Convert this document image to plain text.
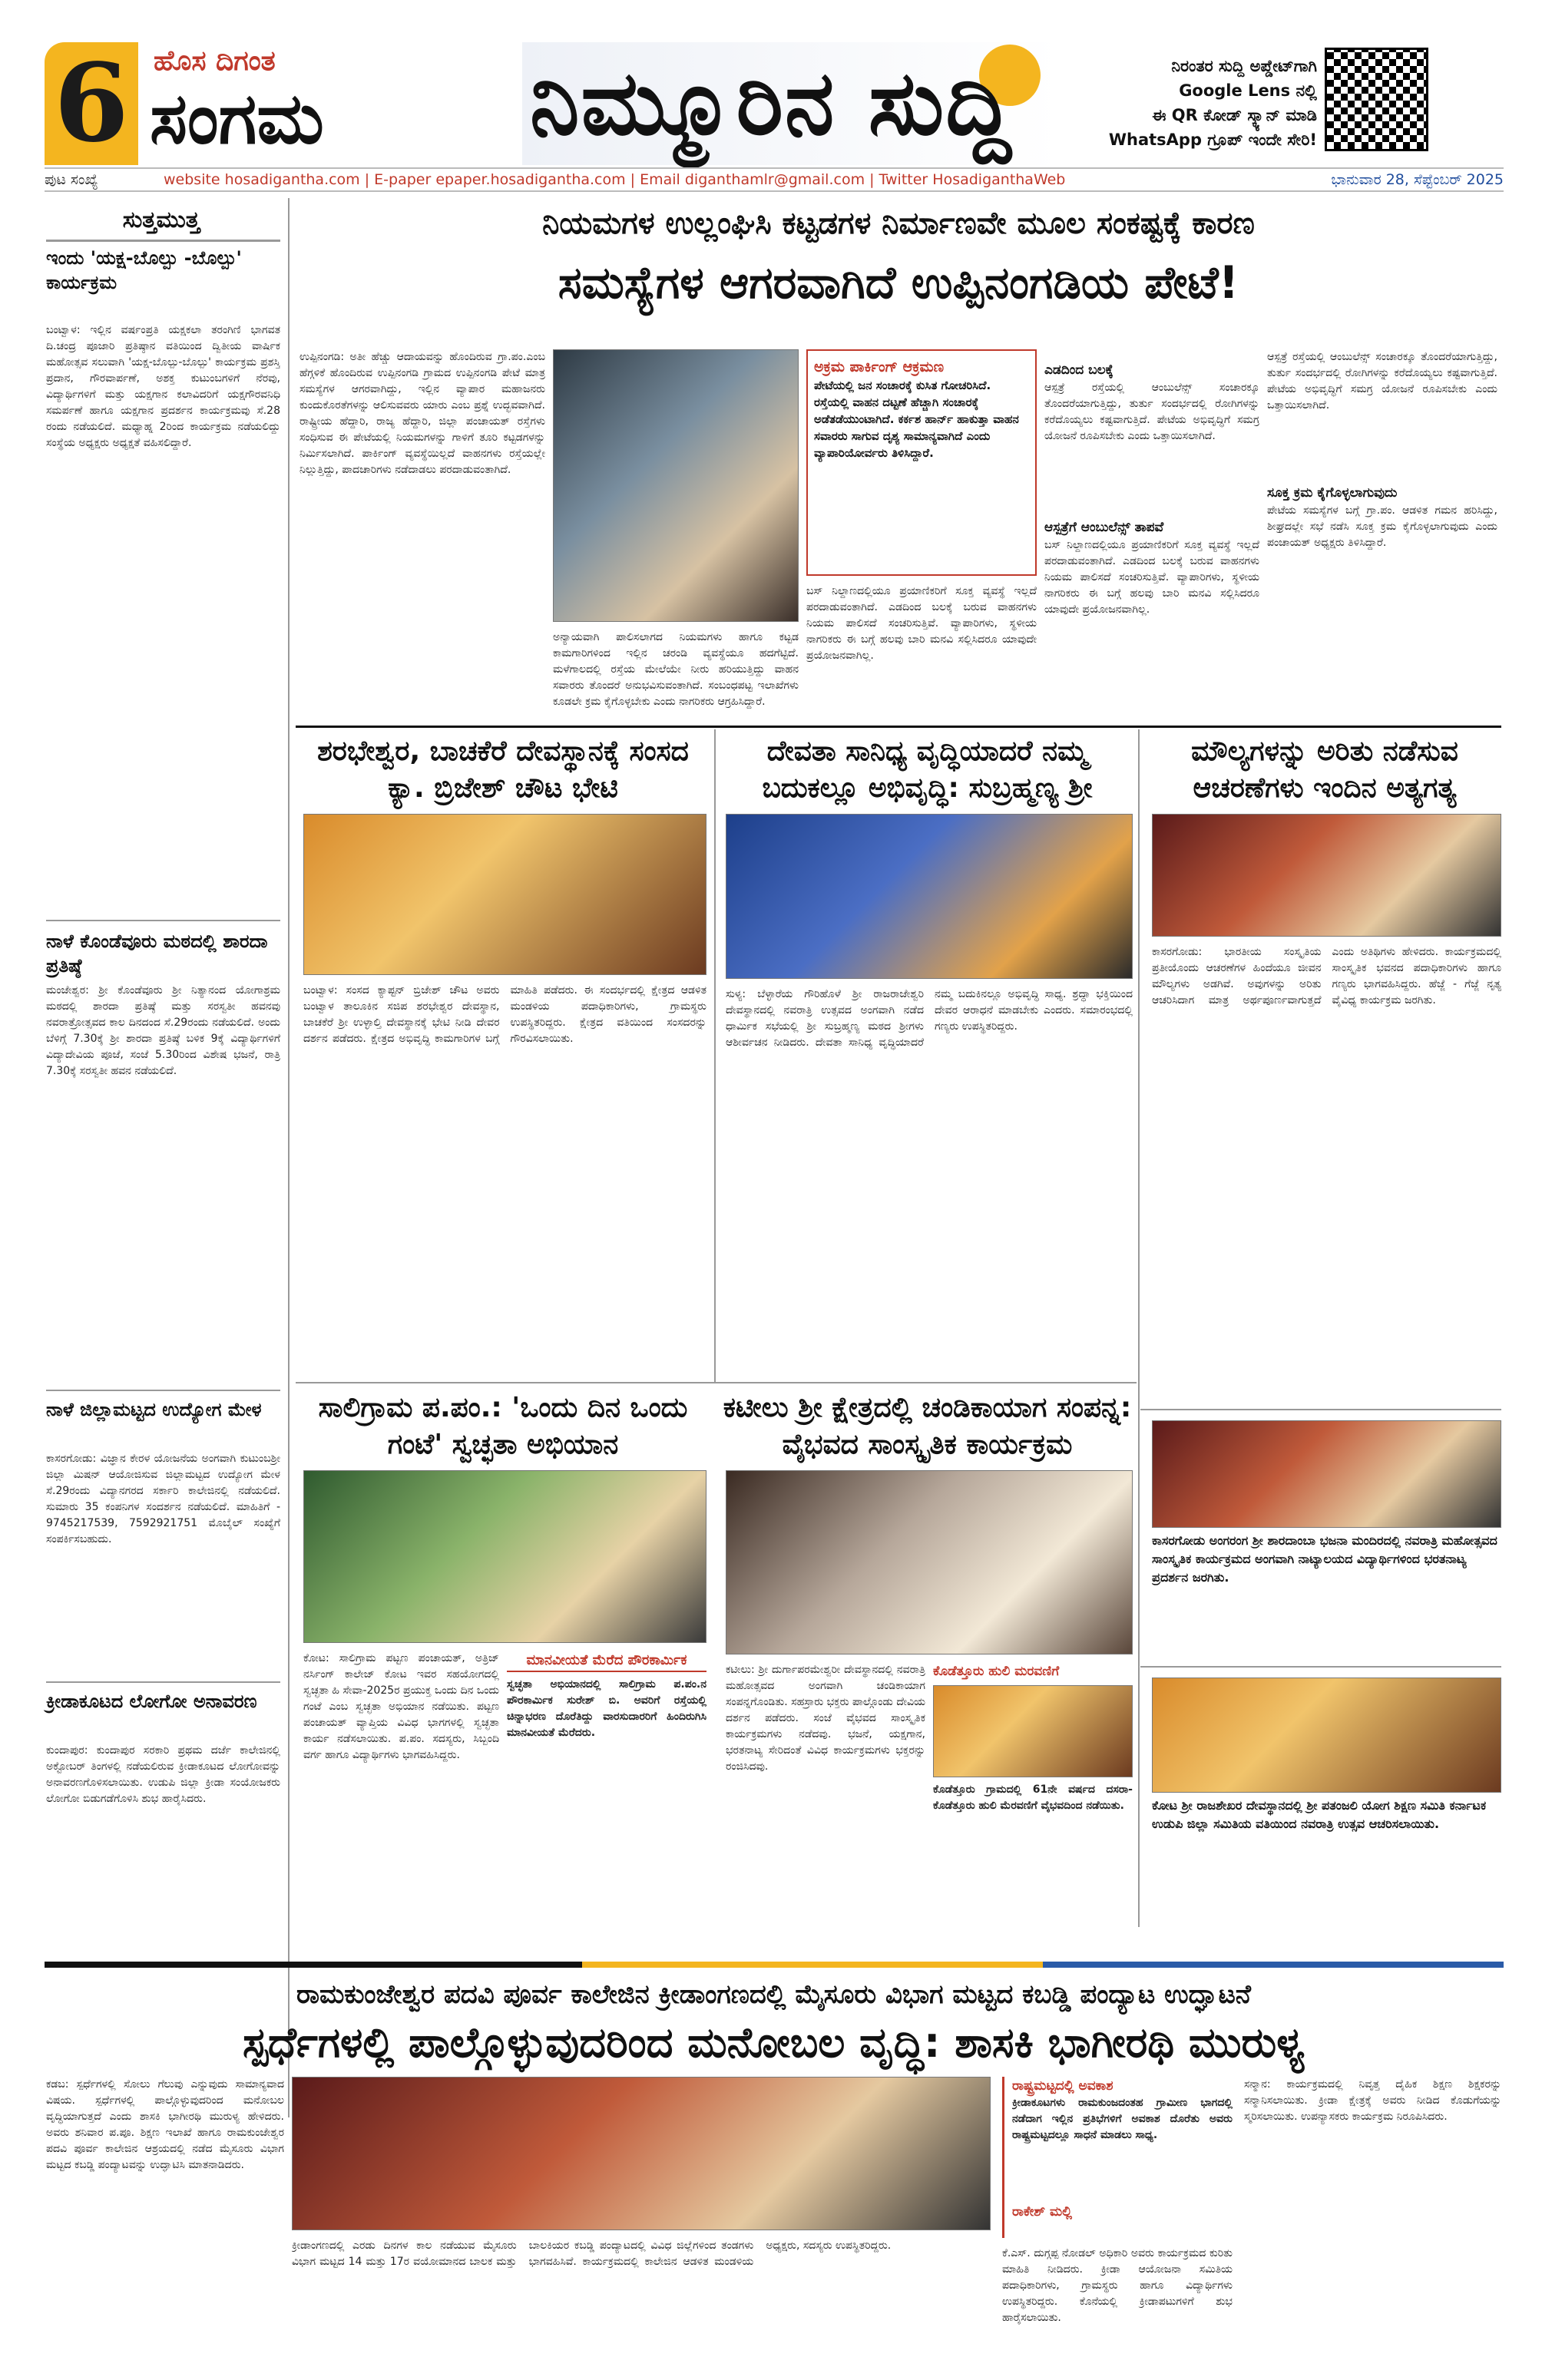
6 ಹೊಸ ದಿಗಂತ
ಸಂಗಮ	ನಿಮ್ಮೂರಿನ ಸುದ್ದಿ	ನಿರಂತರ ಸುದ್ದಿ ಅಪ್ಡೇಟ್‌ಗಾಗಿ
Google Lens ನಲ್ಲಿ
ಈ QR ಕೋಡ್ ಸ್ಕ್ಯಾನ್ ಮಾಡಿ
WhatsApp ಗ್ರೂಪ್ ಇಂದೇ ಸೇರಿ!
ಪುಟ ಸಂಖ್ಯೆ	website hosadigantha.com | E-paper epaper.hosadigantha.com | Email diganthamlr@gmail.com | Twitter HosadiganthaWeb	ಭಾನುವಾರ 28, ಸೆಪ್ಟೆಂಬರ್ 2025
ಸುತ್ತಮುತ್ತ
ಇಂದು 'ಯಕ್ಷ-ಬೊಲ್ಪು -ಬೊಲ್ಪು' ಕಾರ್ಯಕ್ರಮ
ಬಂಟ್ವಾಳ: ಇಲ್ಲಿನ ವರ್ಷಂಪ್ರತಿ ಯಕ್ಷಕಲಾ ತರಂಗಿಣಿ ಭಾಗವತ ದಿ.ಚಂದ್ರ ಪೂಜಾರಿ ಪ್ರತಿಷ್ಠಾನ ವತಿಯಿಂದ ದ್ವಿತೀಯ ವಾರ್ಷಿಕ ಮಹೋತ್ಸವ ಸಲುವಾಗಿ 'ಯಕ್ಷ-ಬೊಲ್ಪು-ಬೊಲ್ಪು' ಕಾರ್ಯಕ್ರಮ ಪ್ರಶಸ್ತಿ ಪ್ರದಾನ, ಗೌರವಾರ್ಪಣೆ, ಅಶಕ್ತ ಕುಟುಂಬಗಳಿಗೆ ನೆರವು, ವಿದ್ಯಾರ್ಥಿಗಳಿಗೆ ಮತ್ತು ಯಕ್ಷಗಾನ ಕಲಾವಿದರಿಗೆ ಯಕ್ಷಗೌರವನಿಧಿ ಸಮರ್ಪಣೆ ಹಾಗೂ ಯಕ್ಷಗಾನ ಪ್ರದರ್ಶನ ಕಾರ್ಯಕ್ರಮವು ಸೆ.28 ರಂದು ನಡೆಯಲಿದೆ. ಮಧ್ಯಾಹ್ನ 2ರಿಂದ ಕಾರ್ಯಕ್ರಮ ನಡೆಯಲಿದ್ದು ಸಂಸ್ಥೆಯ ಅಧ್ಯಕ್ಷರು ಅಧ್ಯಕ್ಷತೆ ವಹಿಸಲಿದ್ದಾರೆ.
ನಾಳೆ ಕೊಂಡೆವೂರು ಮಠದಲ್ಲಿ ಶಾರದಾ ಪ್ರತಿಷ್ಠೆ
ಮಂಜೇಶ್ವರ: ಶ್ರೀ ಕೊಂಡೆವೂರು ಶ್ರೀ ನಿತ್ಯಾನಂದ ಯೋಗಾಶ್ರಮ ಮಠದಲ್ಲಿ ಶಾರದಾ ಪ್ರತಿಷ್ಠೆ ಮತ್ತು ಸರಸ್ವತೀ ಹವನವು ನವರಾತ್ರೋತ್ಸವದ ಕಾಲ ದಿನದಂದ ಸೆ.29ರಂದು ನಡೆಯಲಿದೆ. ಅಂದು ಬೆಳಿಗ್ಗೆ 7.30ಕ್ಕೆ ಶ್ರೀ ಶಾರದಾ ಪ್ರತಿಷ್ಠೆ ಬಳಿಕ 9ಕ್ಕೆ ವಿದ್ಯಾರ್ಥಿಗಳಿಗೆ ವಿದ್ಯಾದೇವಿಯ ಪೂಜೆ, ಸಂಜೆ 5.30ರಿಂದ ವಿಶೇಷ ಭಜನೆ, ರಾತ್ರಿ 7.30ಕ್ಕೆ ಸರಸ್ವತೀ ಹವನ ನಡೆಯಲಿದೆ.
ನಾಳೆ ಜಿಲ್ಲಾಮಟ್ಟದ ಉದ್ಯೋಗ ಮೇಳ
ಕಾಸರಗೋಡು: ವಿಜ್ಞಾನ ಕೇರಳ ಯೋಜನೆಯ ಅಂಗವಾಗಿ ಕುಟುಂಬಶ್ರೀ ಜಿಲ್ಲಾ ಮಿಷನ್ ಆಯೋಜಿಸುವ ಜಿಲ್ಲಾಮಟ್ಟದ ಉದ್ಯೋಗ ಮೇಳ ಸೆ.29ರಂದು ವಿದ್ಯಾನಗರದ ಸರ್ಕಾರಿ ಕಾಲೇಜಿನಲ್ಲಿ ನಡೆಯಲಿದೆ. ಸುಮಾರು 35 ಕಂಪನಿಗಳ ಸಂದರ್ಶನ ನಡೆಯಲಿದೆ. ಮಾಹಿತಿಗೆ - 9745217539, 7592921751 ಮೊಬೈಲ್ ಸಂಖ್ಯೆಗೆ ಸಂಪರ್ಕಿಸಬಹುದು.
ಕ್ರೀಡಾಕೂಟದ ಲೋಗೋ ಅನಾವರಣ
ಕುಂದಾಪುರ: ಕುಂದಾಪುರ ಸರಕಾರಿ ಪ್ರಥಮ ದರ್ಜೆ ಕಾಲೇಜಿನಲ್ಲಿ ಅಕ್ಟೋಬರ್ ತಿಂಗಳಲ್ಲಿ ನಡೆಯಲಿರುವ ಕ್ರೀಡಾಕೂಟದ ಲೋಗೋವನ್ನು ಅನಾವರಣಗೊಳಿಸಲಾಯಿತು. ಉಡುಪಿ ಜಿಲ್ಲಾ ಕ್ರೀಡಾ ಸಂಯೋಜಕರು ಲೋಗೋ ಬಿಡುಗಡೆಗೊಳಿಸಿ ಶುಭ ಹಾರೈಸಿದರು.
ನಿಯಮಗಳ ಉಲ್ಲಂಘಿಸಿ ಕಟ್ಟಡಗಳ ನಿರ್ಮಾಣವೇ ಮೂಲ ಸಂಕಷ್ಟಕ್ಕೆ ಕಾರಣ
ಸಮಸ್ಯೆಗಳ ಆಗರವಾಗಿದೆ ಉಪ್ಪಿನಂಗಡಿಯ ಪೇಟೆ!
ಉಪ್ಪಿನಂಗಡಿ: ಅತೀ ಹೆಚ್ಚು ಆದಾಯವನ್ನು ಹೊಂದಿರುವ ಗ್ರಾ.ಪಂ.ಎಂಬ ಹೆಗ್ಗಳಿಕೆ ಹೊಂದಿರುವ ಉಪ್ಪಿನಂಗಡಿ ಗ್ರಾಮದ ಉಪ್ಪಿನಂಗಡಿ ಪೇಟೆ ಮಾತ್ರ ಸಮಸ್ಯೆಗಳ ಆಗರವಾಗಿದ್ದು, ಇಲ್ಲಿನ ವ್ಯಾಪಾರ ಮಹಾಜನರು ಕುಂದುಕೊರತೆಗಳನ್ನು ಆಲಿಸುವವರು ಯಾರು ಎಂಬ ಪ್ರಶ್ನೆ ಉದ್ಭವವಾಗಿದೆ. ರಾಷ್ಟ್ರೀಯ ಹೆದ್ದಾರಿ, ರಾಜ್ಯ ಹೆದ್ದಾರಿ, ಜಿಲ್ಲಾ ಪಂಚಾಯತ್ ರಸ್ತೆಗಳು ಸಂಧಿಸುವ ಈ ಪೇಟೆಯಲ್ಲಿ ನಿಯಮಗಳನ್ನು ಗಾಳಿಗೆ ತೂರಿ ಕಟ್ಟಡಗಳನ್ನು ನಿರ್ಮಿಸಲಾಗಿದೆ. ಪಾರ್ಕಿಂಗ್ ವ್ಯವಸ್ಥೆಯಿಲ್ಲದೆ ವಾಹನಗಳು ರಸ್ತೆಯಲ್ಲೇ ನಿಲ್ಲುತ್ತಿದ್ದು, ಪಾದಚಾರಿಗಳು ನಡೆದಾಡಲು ಪರದಾಡುವಂತಾಗಿದೆ.
ಅನ್ಯಾಯವಾಗಿ ಪಾಲಿಸಲಾಗದ ನಿಯಮಗಳು ಹಾಗೂ ಕಟ್ಟಡ ಕಾಮಗಾರಿಗಳಿಂದ ಇಲ್ಲಿನ ಚರಂಡಿ ವ್ಯವಸ್ಥೆಯೂ ಹದಗೆಟ್ಟಿದೆ. ಮಳೆಗಾಲದಲ್ಲಿ ರಸ್ತೆಯ ಮೇಲೆಯೇ ನೀರು ಹರಿಯುತ್ತಿದ್ದು ವಾಹನ ಸವಾರರು ತೊಂದರೆ ಅನುಭವಿಸುವಂತಾಗಿದೆ. ಸಂಬಂಧಪಟ್ಟ ಇಲಾಖೆಗಳು ಕೂಡಲೇ ಕ್ರಮ ಕೈಗೊಳ್ಳಬೇಕು ಎಂದು ನಾಗರಿಕರು ಆಗ್ರಹಿಸಿದ್ದಾರೆ.
ಅಕ್ರಮ ಪಾರ್ಕಿಂಗ್ ಆಕ್ರಮಣ
ಪೇಟೆಯಲ್ಲಿ ಜನ ಸಂಚಾರಕ್ಕೆ ಕುಸಿತ ಗೋಚರಿಸಿದೆ. ರಸ್ತೆಯಲ್ಲಿ ವಾಹನ ದಟ್ಟಣೆ ಹೆಚ್ಚಾಗಿ ಸಂಚಾರಕ್ಕೆ ಅಡೆತಡೆಯುಂಟಾಗಿದೆ. ಕರ್ಕಶ ಹಾರ್ನ್ ಹಾಕುತ್ತಾ ವಾಹನ ಸವಾರರು ಸಾಗುವ ದೃಶ್ಯ ಸಾಮಾನ್ಯವಾಗಿದೆ ಎಂದು ವ್ಯಾಪಾರಿಯೋರ್ವರು ತಿಳಿಸಿದ್ದಾರೆ.
ಬಸ್ ನಿಲ್ದಾಣದಲ್ಲಿಯೂ ಪ್ರಯಾಣಿಕರಿಗೆ ಸೂಕ್ತ ವ್ಯವಸ್ಥೆ ಇಲ್ಲದೆ ಪರದಾಡುವಂತಾಗಿದೆ. ಎಡದಿಂದ ಬಲಕ್ಕೆ ಬರುವ ವಾಹನಗಳು ನಿಯಮ ಪಾಲಿಸದೆ ಸಂಚರಿಸುತ್ತಿವೆ. ವ್ಯಾಪಾರಿಗಳು, ಸ್ಥಳೀಯ ನಾಗರಿಕರು ಈ ಬಗ್ಗೆ ಹಲವು ಬಾರಿ ಮನವಿ ಸಲ್ಲಿಸಿದರೂ ಯಾವುದೇ ಪ್ರಯೋಜನವಾಗಿಲ್ಲ.
ಎಡದಿಂದ ಬಲಕ್ಕೆ
ಆಸ್ಪತ್ರೆ ರಸ್ತೆಯಲ್ಲಿ ಆಂಬುಲೆನ್ಸ್ ಸಂಚಾರಕ್ಕೂ ತೊಂದರೆಯಾಗುತ್ತಿದ್ದು, ತುರ್ತು ಸಂದರ್ಭದಲ್ಲಿ ರೋಗಿಗಳನ್ನು ಕರೆದೊಯ್ಯಲು ಕಷ್ಟವಾಗುತ್ತಿದೆ. ಪೇಟೆಯ ಅಭಿವೃದ್ಧಿಗೆ ಸಮಗ್ರ ಯೋಜನೆ ರೂಪಿಸಬೇಕು ಎಂದು ಒತ್ತಾಯಿಸಲಾಗಿದೆ.
ಆಸ್ಪತ್ರೆಗೆ ಆಂಬುಲೆನ್ಸ್ ತಾಪವೆ
ಬಸ್ ನಿಲ್ದಾಣದಲ್ಲಿಯೂ ಪ್ರಯಾಣಿಕರಿಗೆ ಸೂಕ್ತ ವ್ಯವಸ್ಥೆ ಇಲ್ಲದೆ ಪರದಾಡುವಂತಾಗಿದೆ. ಎಡದಿಂದ ಬಲಕ್ಕೆ ಬರುವ ವಾಹನಗಳು ನಿಯಮ ಪಾಲಿಸದೆ ಸಂಚರಿಸುತ್ತಿವೆ. ವ್ಯಾಪಾರಿಗಳು, ಸ್ಥಳೀಯ ನಾಗರಿಕರು ಈ ಬಗ್ಗೆ ಹಲವು ಬಾರಿ ಮನವಿ ಸಲ್ಲಿಸಿದರೂ ಯಾವುದೇ ಪ್ರಯೋಜನವಾಗಿಲ್ಲ.
ಸೂಕ್ತ ಕ್ರಮ ಕೈಗೊಳ್ಳಲಾಗುವುದು
ಆಸ್ಪತ್ರೆ ರಸ್ತೆಯಲ್ಲಿ ಆಂಬುಲೆನ್ಸ್ ಸಂಚಾರಕ್ಕೂ ತೊಂದರೆಯಾಗುತ್ತಿದ್ದು, ತುರ್ತು ಸಂದರ್ಭದಲ್ಲಿ ರೋಗಿಗಳನ್ನು ಕರೆದೊಯ್ಯಲು ಕಷ್ಟವಾಗುತ್ತಿದೆ. ಪೇಟೆಯ ಅಭಿವೃದ್ಧಿಗೆ ಸಮಗ್ರ ಯೋಜನೆ ರೂಪಿಸಬೇಕು ಎಂದು ಒತ್ತಾಯಿಸಲಾಗಿದೆ.
ಪೇಟೆಯ ಸಮಸ್ಯೆಗಳ ಬಗ್ಗೆ ಗ್ರಾ.ಪಂ. ಆಡಳಿತ ಗಮನ ಹರಿಸಿದ್ದು, ಶೀಘ್ರದಲ್ಲೇ ಸಭೆ ನಡೆಸಿ ಸೂಕ್ತ ಕ್ರಮ ಕೈಗೊಳ್ಳಲಾಗುವುದು ಎಂದು ಪಂಚಾಯತ್ ಅಧ್ಯಕ್ಷರು ತಿಳಿಸಿದ್ದಾರೆ.
ಶರಭೇಶ್ವರ, ಬಾಚಕೆರೆ ದೇವಸ್ಥಾನಕ್ಕೆ ಸಂಸದ ಕ್ಯಾ. ಬ್ರಿಜೇಶ್ ಚೌಟ ಭೇಟಿ
ಬಂಟ್ವಾಳ: ಸಂಸದ ಕ್ಯಾಪ್ಟನ್ ಬ್ರಿಜೇಶ್ ಚೌಟ ಅವರು ಬಂಟ್ವಾಳ ತಾಲೂಕಿನ ಸಜಿಪ ಶರಭೇಶ್ವರ ದೇವಸ್ಥಾನ, ಬಾಚಕೆರೆ ಶ್ರೀ ಉಳ್ಳಾಲ್ತಿ ದೇವಸ್ಥಾನಕ್ಕೆ ಭೇಟಿ ನೀಡಿ ದೇವರ ದರ್ಶನ ಪಡೆದರು. ಕ್ಷೇತ್ರದ ಅಭಿವೃದ್ಧಿ ಕಾಮಗಾರಿಗಳ ಬಗ್ಗೆ ಮಾಹಿತಿ ಪಡೆದರು. ಈ ಸಂದರ್ಭದಲ್ಲಿ ಕ್ಷೇತ್ರದ ಆಡಳಿತ ಮಂಡಳಿಯ ಪದಾಧಿಕಾರಿಗಳು, ಗ್ರಾಮಸ್ಥರು ಉಪಸ್ಥಿತರಿದ್ದರು. ಕ್ಷೇತ್ರದ ವತಿಯಿಂದ ಸಂಸದರನ್ನು ಗೌರವಿಸಲಾಯಿತು.
ದೇವತಾ ಸಾನಿಧ್ಯ ವೃದ್ಧಿಯಾದರೆ ನಮ್ಮ ಬದುಕಲ್ಲೂ ಅಭಿವೃದ್ಧಿ: ಸುಬ್ರಹ್ಮಣ್ಯ ಶ್ರೀ
ಸುಳ್ಯ: ಬೆಳ್ಳಾರೆಯ ಗೌರಿಹೊಳೆ ಶ್ರೀ ರಾಜರಾಜೇಶ್ವರಿ ದೇವಸ್ಥಾನದಲ್ಲಿ ನವರಾತ್ರಿ ಉತ್ಸವದ ಅಂಗವಾಗಿ ನಡೆದ ಧಾರ್ಮಿಕ ಸಭೆಯಲ್ಲಿ ಶ್ರೀ ಸುಬ್ರಹ್ಮಣ್ಯ ಮಠದ ಶ್ರೀಗಳು ಆಶೀರ್ವಚನ ನೀಡಿದರು. ದೇವತಾ ಸಾನಿಧ್ಯ ವೃದ್ಧಿಯಾದರೆ ನಮ್ಮ ಬದುಕಿನಲ್ಲೂ ಅಭಿವೃದ್ಧಿ ಸಾಧ್ಯ. ಶ್ರದ್ಧಾ ಭಕ್ತಿಯಿಂದ ದೇವರ ಆರಾಧನೆ ಮಾಡಬೇಕು ಎಂದರು. ಸಮಾರಂಭದಲ್ಲಿ ಗಣ್ಯರು ಉಪಸ್ಥಿತರಿದ್ದರು.
ಮೌಲ್ಯಗಳನ್ನು ಅರಿತು ನಡೆಸುವ ಆಚರಣೆಗಳು ಇಂದಿನ ಅತ್ಯಗತ್ಯ
ಕಾಸರಗೋಡು: ಭಾರತೀಯ ಸಂಸ್ಕೃತಿಯ ಪ್ರತೀಯೊಂದು ಆಚರಣೆಗಳ ಹಿಂದೆಯೂ ಜೀವನ ಮೌಲ್ಯಗಳು ಅಡಗಿವೆ. ಅವುಗಳನ್ನು ಅರಿತು ಆಚರಿಸಿದಾಗ ಮಾತ್ರ ಅರ್ಥಪೂರ್ಣವಾಗುತ್ತದೆ ಎಂದು ಅತಿಥಿಗಳು ಹೇಳಿದರು. ಕಾರ್ಯಕ್ರಮದಲ್ಲಿ ಸಾಂಸ್ಕೃತಿಕ ಭವನದ ಪದಾಧಿಕಾರಿಗಳು ಹಾಗೂ ಗಣ್ಯರು ಭಾಗವಹಿಸಿದ್ದರು. ಹೆಜ್ಜೆ - ಗೆಜ್ಜೆ ನೃತ್ಯ ವೈವಿಧ್ಯ ಕಾರ್ಯಕ್ರಮ ಜರಗಿತು.
ಸಾಲಿಗ್ರಾಮ ಪ.ಪಂ.: 'ಒಂದು ದಿನ ಒಂದು ಗಂಟೆ' ಸ್ವಚ್ಛತಾ ಅಭಿಯಾನ
ಕೋಟ: ಸಾಲಿಗ್ರಾಮ ಪಟ್ಟಣ ಪಂಚಾಯತ್, ಅತ್ರಿಜ್ ನರ್ಸಿಂಗ್ ಕಾಲೇಜ್ ಕೋಟ ಇವರ ಸಹಯೋಗದಲ್ಲಿ ಸ್ವಚ್ಛತಾ ಹಿ ಸೇವಾ-2025ರ ಪ್ರಯುಕ್ತ ಒಂದು ದಿನ ಒಂದು ಗಂಟೆ ಎಂಬ ಸ್ವಚ್ಛತಾ ಅಭಿಯಾನ ನಡೆಯಿತು. ಪಟ್ಟಣ ಪಂಚಾಯತ್ ವ್ಯಾಪ್ತಿಯ ವಿವಿಧ ಭಾಗಗಳಲ್ಲಿ ಸ್ವಚ್ಛತಾ ಕಾರ್ಯ ನಡೆಸಲಾಯಿತು. ಪ.ಪಂ. ಸದಸ್ಯರು, ಸಿಬ್ಬಂದಿ ವರ್ಗ ಹಾಗೂ ವಿದ್ಯಾರ್ಥಿಗಳು ಭಾಗವಹಿಸಿದ್ದರು.
ಮಾನವೀಯತೆ ಮೆರೆದ ಪೌರಕಾರ್ಮಿಕ
ಸ್ವಚ್ಛತಾ ಅಭಿಯಾನದಲ್ಲಿ ಸಾಲಿಗ್ರಾಮ ಪ.ಪಂ.ನ ಪೌರಕಾರ್ಮಿಕ ಸುರೇಶ್ ಬಿ. ಅವರಿಗೆ ರಸ್ತೆಯಲ್ಲಿ ಚಿನ್ನಾಭರಣ ದೊರೆತಿದ್ದು ವಾರಸುದಾರರಿಗೆ ಹಿಂದಿರುಗಿಸಿ ಮಾನವೀಯತೆ ಮೆರೆದರು.
ಕಟೀಲು ಶ್ರೀ ಕ್ಷೇತ್ರದಲ್ಲಿ ಚಂಡಿಕಾಯಾಗ ಸಂಪನ್ನ: ವೈಭವದ ಸಾಂಸ್ಕೃತಿಕ ಕಾರ್ಯಕ್ರಮ
ಕಟೀಲು: ಶ್ರೀ ದುರ್ಗಾಪರಮೇಶ್ವರೀ ದೇವಸ್ಥಾನದಲ್ಲಿ ನವರಾತ್ರಿ ಮಹೋತ್ಸವದ ಅಂಗವಾಗಿ ಚಂಡಿಕಾಯಾಗ ಸಂಪನ್ನಗೊಂಡಿತು. ಸಹಸ್ರಾರು ಭಕ್ತರು ಪಾಲ್ಗೊಂಡು ದೇವಿಯ ದರ್ಶನ ಪಡೆದರು. ಸಂಜೆ ವೈಭವದ ಸಾಂಸ್ಕೃತಿಕ ಕಾರ್ಯಕ್ರಮಗಳು ನಡೆದವು. ಭಜನೆ, ಯಕ್ಷಗಾನ, ಭರತನಾಟ್ಯ ಸೇರಿದಂತೆ ವಿವಿಧ ಕಾರ್ಯಕ್ರಮಗಳು ಭಕ್ತರನ್ನು ರಂಜಿಸಿದವು.
ಕೊಡೆತ್ತೂರು ಹುಲಿ ಮರವಣಿಗೆ
ಕೊಡೆತ್ತೂರು ಗ್ರಾಮದಲ್ಲಿ 61ನೇ ವರ್ಷದ ದಸರಾ-ಕೊಡೆತ್ತೂರು ಹುಲಿ ಮೆರವಣಿಗೆ ವೈಭವದಿಂದ ನಡೆಯಿತು.
ಕಾಸರಗೋಡು ಅಂಗರಂಗ ಶ್ರೀ ಶಾರದಾಂಬಾ ಭಜನಾ ಮಂದಿರದಲ್ಲಿ ನವರಾತ್ರಿ ಮಹೋತ್ಸವದ ಸಾಂಸ್ಕೃತಿಕ ಕಾರ್ಯಕ್ರಮದ ಅಂಗವಾಗಿ ನಾಟ್ಯಾಲಯದ ವಿದ್ಯಾರ್ಥಿಗಳಿಂದ ಭರತನಾಟ್ಯ ಪ್ರದರ್ಶನ ಜರಗಿತು.
ಕೋಟ ಶ್ರೀ ರಾಜಶೇಖರ ದೇವಸ್ಥಾನದಲ್ಲಿ ಶ್ರೀ ಪತಂಜಲಿ ಯೋಗ ಶಿಕ್ಷಣ ಸಮಿತಿ ಕರ್ನಾಟಕ ಉಡುಪಿ ಜಿಲ್ಲಾ ಸಮಿತಿಯ ವತಿಯಿಂದ ನವರಾತ್ರಿ ಉತ್ಸವ ಆಚರಿಸಲಾಯಿತು.
ರಾಮಕುಂಜೇಶ್ವರ ಪದವಿ ಪೂರ್ವ ಕಾಲೇಜಿನ ಕ್ರೀಡಾಂಗಣದಲ್ಲಿ ಮೈಸೂರು ವಿಭಾಗ ಮಟ್ಟದ ಕಬಡ್ಡಿ ಪಂದ್ಯಾಟ ಉದ್ಘಾಟನೆ
ಸ್ಪರ್ಧೆಗಳಲ್ಲಿ ಪಾಲ್ಗೊಳ್ಳುವುದರಿಂದ ಮನೋಬಲ ವೃದ್ಧಿ: ಶಾಸಕಿ ಭಾಗೀರಥಿ ಮುರುಳ್ಯ
ಕಡಬ: ಸ್ಪರ್ಧೆಗಳಲ್ಲಿ ಸೋಲು ಗೆಲುವು ಎನ್ನುವುದು ಸಾಮಾನ್ಯವಾದ ವಿಷಯ. ಸ್ಪರ್ಧೆಗಳಲ್ಲಿ ಪಾಲ್ಗೊಳ್ಳುವುದರಿಂದ ಮನೋಬಲ ವೃದ್ಧಿಯಾಗುತ್ತದೆ ಎಂದು ಶಾಸಕಿ ಭಾಗೀರಥಿ ಮುರುಳ್ಯ ಹೇಳಿದರು. ಅವರು ಶನಿವಾರ ಪ.ಪೂ. ಶಿಕ್ಷಣ ಇಲಾಖೆ ಹಾಗೂ ರಾಮಕುಂಜೇಶ್ವರ ಪದವಿ ಪೂರ್ವ ಕಾಲೇಜಿನ ಆಶ್ರಯದಲ್ಲಿ ನಡೆದ ಮೈಸೂರು ವಿಭಾಗ ಮಟ್ಟದ ಕಬಡ್ಡಿ ಪಂದ್ಯಾಟವನ್ನು ಉದ್ಘಾಟಿಸಿ ಮಾತನಾಡಿದರು.
ಕ್ರೀಡಾಂಗಣದಲ್ಲಿ ಎರಡು ದಿನಗಳ ಕಾಲ ನಡೆಯುವ ಮೈಸೂರು ವಿಭಾಗ ಮಟ್ಟದ 14 ಮತ್ತು 17ರ ವಯೋಮಾನದ ಬಾಲಕ ಮತ್ತು ಬಾಲಕಿಯರ ಕಬಡ್ಡಿ ಪಂದ್ಯಾಟದಲ್ಲಿ ವಿವಿಧ ಜಿಲ್ಲೆಗಳಿಂದ ತಂಡಗಳು ಭಾಗವಹಿಸಿವೆ. ಕಾರ್ಯಕ್ರಮದಲ್ಲಿ ಕಾಲೇಜಿನ ಆಡಳಿತ ಮಂಡಳಿಯ ಅಧ್ಯಕ್ಷರು, ಸದಸ್ಯರು ಉಪಸ್ಥಿತರಿದ್ದರು.
ರಾಷ್ಟ್ರಮಟ್ಟದಲ್ಲಿ ಅವಕಾಶ
ಕ್ರೀಡಾಕೂಟಗಳು ರಾಮಕುಂಜದಂತಹ ಗ್ರಾಮೀಣ ಭಾಗದಲ್ಲಿ ನಡೆದಾಗ ಇಲ್ಲಿನ ಪ್ರತಿಭೆಗಳಿಗೆ ಅವಕಾಶ ದೊರೆತು ಅವರು ರಾಷ್ಟ್ರಮಟ್ಟದಲ್ಲೂ ಸಾಧನೆ ಮಾಡಲು ಸಾಧ್ಯ.
ರಾಕೇಶ್ ಮಲ್ಲಿ
ಕೆ.ಎಸ್. ದುಗ್ಗಪ್ಪ ನೋಡಲ್ ಅಧಿಕಾರಿ ಅವರು ಕಾರ್ಯಕ್ರಮದ ಕುರಿತು ಮಾಹಿತಿ ನೀಡಿದರು. ಕ್ರೀಡಾ ಆಯೋಜನಾ ಸಮಿತಿಯ ಪದಾಧಿಕಾರಿಗಳು, ಗ್ರಾಮಸ್ಥರು ಹಾಗೂ ವಿದ್ಯಾರ್ಥಿಗಳು ಉಪಸ್ಥಿತರಿದ್ದರು. ಕೊನೆಯಲ್ಲಿ ಕ್ರೀಡಾಪಟುಗಳಿಗೆ ಶುಭ ಹಾರೈಸಲಾಯಿತು.
ಸನ್ಮಾನ: ಕಾರ್ಯಕ್ರಮದಲ್ಲಿ ನಿವೃತ್ತ ದೈಹಿಕ ಶಿಕ್ಷಣ ಶಿಕ್ಷಕರನ್ನು ಸನ್ಮಾನಿಸಲಾಯಿತು. ಕ್ರೀಡಾ ಕ್ಷೇತ್ರಕ್ಕೆ ಅವರು ನೀಡಿದ ಕೊಡುಗೆಯನ್ನು ಸ್ಮರಿಸಲಾಯಿತು. ಉಪನ್ಯಾಸಕರು ಕಾರ್ಯಕ್ರಮ ನಿರೂಪಿಸಿದರು.
